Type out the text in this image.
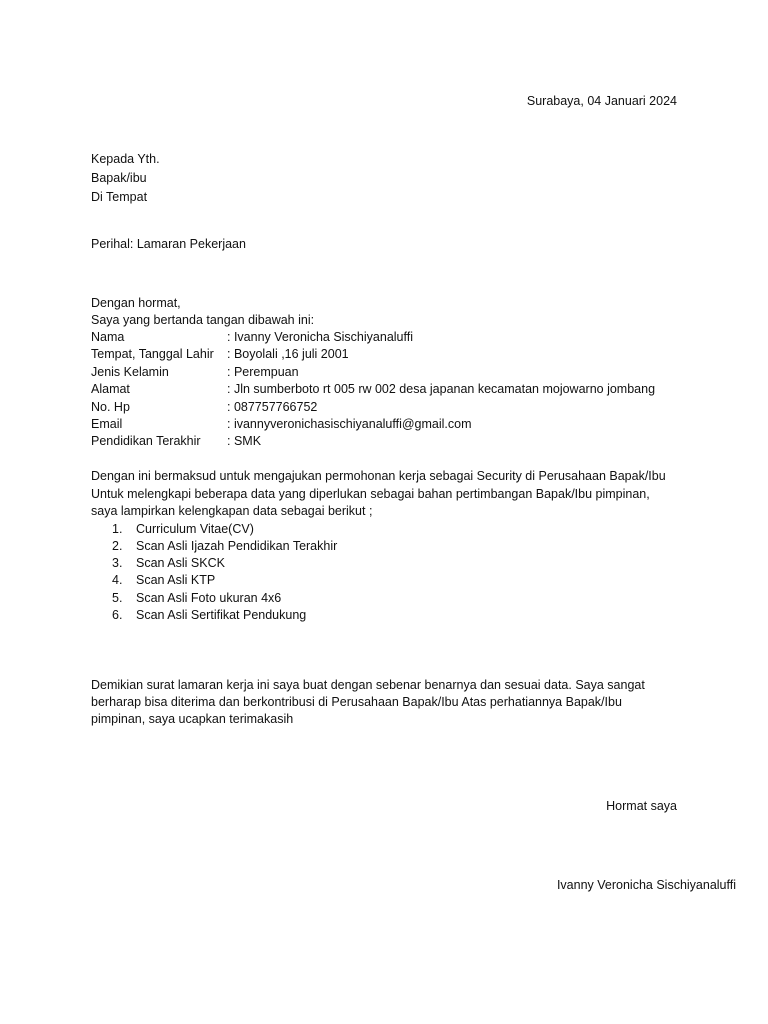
Surabaya, 04 Januari 2024
Kepada Yth.
Bapak/ibu
Di Tempat
Perihal: Lamaran Pekerjaan
Dengan hormat,
Saya yang bertanda tangan dibawah ini:
Nama	: Ivanny Veronicha Sischiyanaluffi
Tempat, Tanggal Lahir : Boyolali ,16 juli 2001
Jenis Kelamin	: Perempuan
Alamat	: Jln sumberboto rt 005 rw 002 desa japanan kecamatan mojowarno jombang
No. Hp	: 087757766752
Email	: ivannyveronichasischiyanaluffi@gmail.com
Pendidikan Terakhir : SMK
Dengan ini bermaksud untuk mengajukan permohonan kerja sebagai Security di Perusahaan Bapak/Ibu
Untuk melengkapi beberapa data yang diperlukan sebagai bahan pertimbangan Bapak/Ibu pimpinan,
saya lampirkan kelengkapan data sebagai berikut ;
1. Curriculum Vitae(CV)
2. Scan Asli Ijazah Pendidikan Terakhir
3. Scan Asli SKCK
4. Scan Asli KTP
5. Scan Asli Foto ukuran 4x6
6. Scan Asli Sertifikat Pendukung
Demikian surat lamaran kerja ini saya buat dengan sebenar benarnya dan sesuai data. Saya sangat
berharap bisa diterima dan berkontribusi di Perusahaan Bapak/Ibu Atas perhatiannya Bapak/Ibu
pimpinan, saya ucapkan terimakasih
Hormat saya
Ivanny Veronicha Sischiyanaluffi
